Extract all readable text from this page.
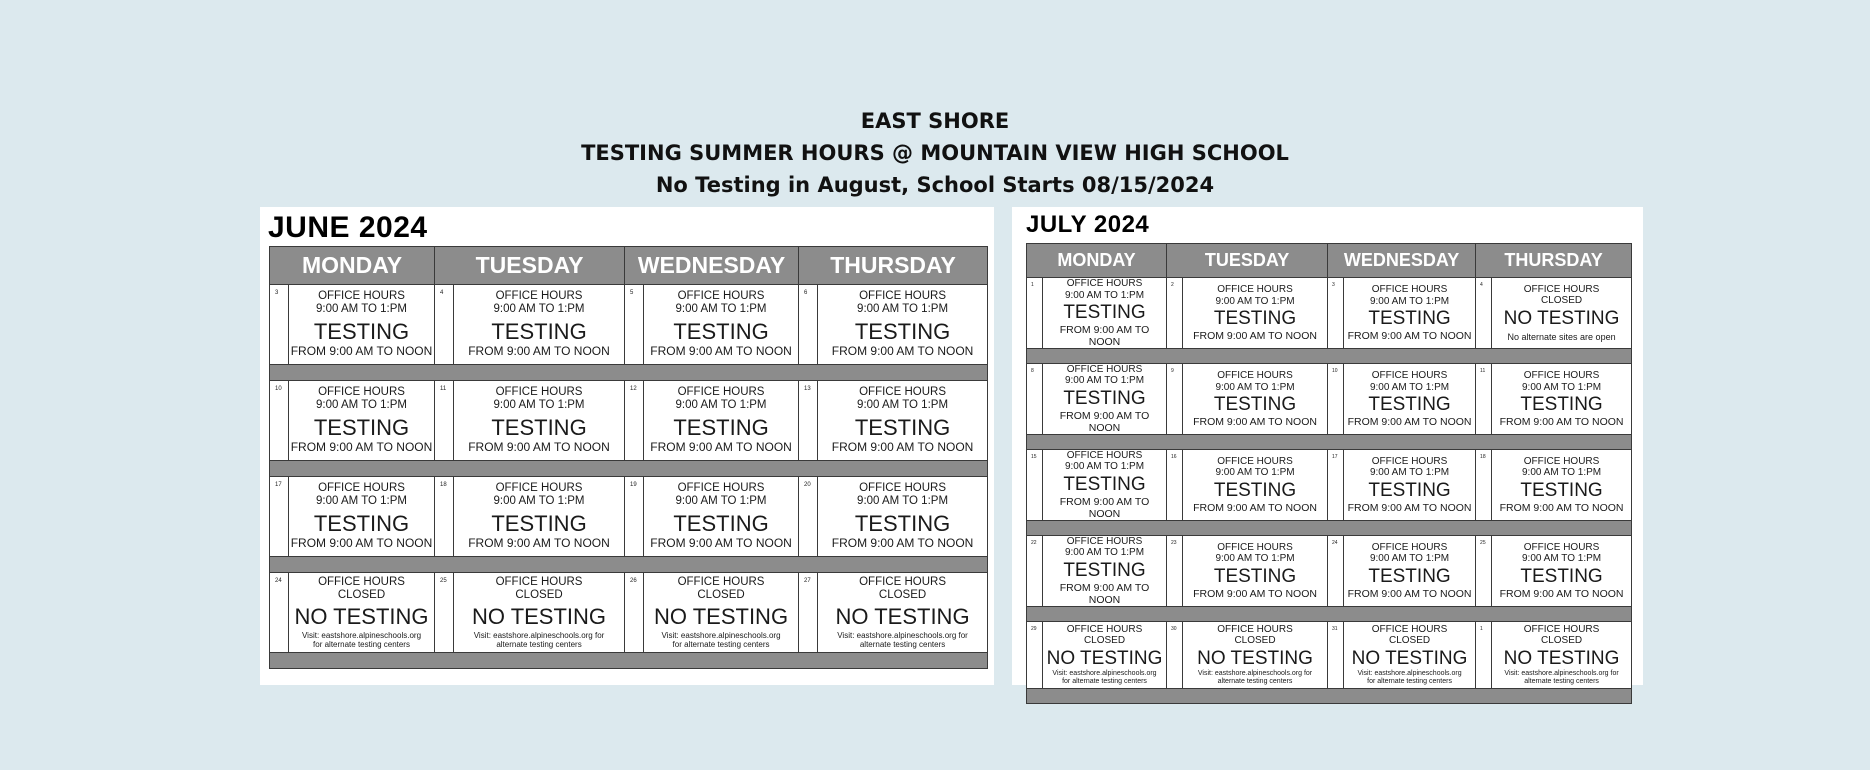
EAST SHORE
TESTING SUMMER HOURS @ MOUNTAIN VIEW HIGH SCHOOL
No Testing in August, School Starts 08/15/2024
JUNE 2024
MONDAY		TUESDAY		WEDNESDAY		THURSDAY	

3	OFFICE HOURS
9:00 AM TO 1:PM
TESTING
FROM 9:00 AM TO NOON	4	OFFICE HOURS
9:00 AM TO 1:PM
TESTING
FROM 9:00 AM TO NOON	5	OFFICE HOURS
9:00 AM TO 1:PM
TESTING
FROM 9:00 AM TO NOON	6	OFFICE HOURS
9:00 AM TO 1:PM
TESTING
FROM 9:00 AM TO NOON

10	OFFICE HOURS
9:00 AM TO 1:PM
TESTING
FROM 9:00 AM TO NOON	11	OFFICE HOURS
9:00 AM TO 1:PM
TESTING
FROM 9:00 AM TO NOON	12	OFFICE HOURS
9:00 AM TO 1:PM
TESTING
FROM 9:00 AM TO NOON	13	OFFICE HOURS
9:00 AM TO 1:PM
TESTING
FROM 9:00 AM TO NOON

17	OFFICE HOURS
9:00 AM TO 1:PM
TESTING
FROM 9:00 AM TO NOON	18	OFFICE HOURS
9:00 AM TO 1:PM
TESTING
FROM 9:00 AM TO NOON	19	OFFICE HOURS
9:00 AM TO 1:PM
TESTING
FROM 9:00 AM TO NOON	20	OFFICE HOURS
9:00 AM TO 1:PM
TESTING
FROM 9:00 AM TO NOON

24	OFFICE HOURS
CLOSED
NO TESTING
Visit: eastshore.alpineschools.org
for alternate testing centers	25	OFFICE HOURS
CLOSED
NO TESTING
Visit: eastshore.alpineschools.org for
alternate testing centers	26	OFFICE HOURS
CLOSED
NO TESTING
Visit: eastshore.alpineschools.org
for alternate testing centers	27	OFFICE HOURS
CLOSED
NO TESTING
Visit: eastshore.alpineschools.org for
alternate testing centers

JULY 2024
MONDAY		TUESDAY		WEDNESDAY		THURSDAY	

1	OFFICE HOURS
9:00 AM TO 1:PM
TESTING
FROM 9:00 AM TO NOON	2	OFFICE HOURS
9:00 AM TO 1:PM
TESTING
FROM 9:00 AM TO NOON	3	OFFICE HOURS
9:00 AM TO 1:PM
TESTING
FROM 9:00 AM TO NOON	4	OFFICE HOURS
CLOSED
NO TESTING
No alternate sites are open

8	OFFICE HOURS
9:00 AM TO 1:PM
TESTING
FROM 9:00 AM TO NOON	9	OFFICE HOURS
9:00 AM TO 1:PM
TESTING
FROM 9:00 AM TO NOON	10	OFFICE HOURS
9:00 AM TO 1:PM
TESTING
FROM 9:00 AM TO NOON	11	OFFICE HOURS
9:00 AM TO 1:PM
TESTING
FROM 9:00 AM TO NOON

15	OFFICE HOURS
9:00 AM TO 1:PM
TESTING
FROM 9:00 AM TO NOON	16	OFFICE HOURS
9:00 AM TO 1:PM
TESTING
FROM 9:00 AM TO NOON	17	OFFICE HOURS
9:00 AM TO 1:PM
TESTING
FROM 9:00 AM TO NOON	18	OFFICE HOURS
9:00 AM TO 1:PM
TESTING
FROM 9:00 AM TO NOON

22	OFFICE HOURS
9:00 AM TO 1:PM
TESTING
FROM 9:00 AM TO NOON	23	OFFICE HOURS
9:00 AM TO 1:PM
TESTING
FROM 9:00 AM TO NOON	24	OFFICE HOURS
9:00 AM TO 1:PM
TESTING
FROM 9:00 AM TO NOON	25	OFFICE HOURS
9:00 AM TO 1:PM
TESTING
FROM 9:00 AM TO NOON

29	OFFICE HOURS
CLOSED
NO TESTING
Visit: eastshore.alpineschools.org
for alternate testing centers	30	OFFICE HOURS
CLOSED
NO TESTING
Visit: eastshore.alpineschools.org for
alternate testing centers	31	OFFICE HOURS
CLOSED
NO TESTING
Visit: eastshore.alpineschools.org
for alternate testing centers	1	OFFICE HOURS
CLOSED
NO TESTING
Visit: eastshore.alpineschools.org for
alternate testing centers
